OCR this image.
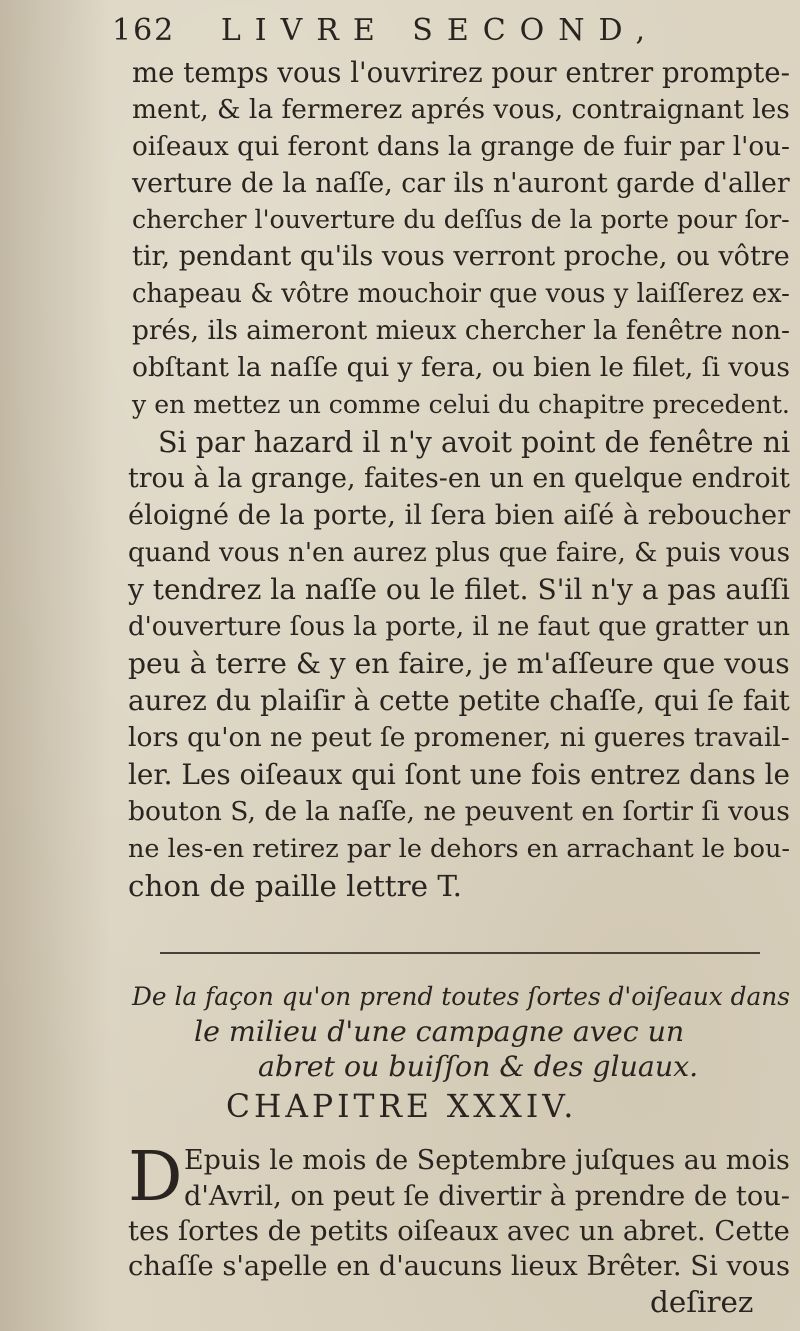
162 LIVRE SECOND,
me temps vous l'ouvrirez pour entrer prompte-
ment, & la fermerez aprés vous, contraignant les
oiſeaux qui feront dans la grange de fuir par l'ou-
verture de la naſſe, car ils n'auront garde d'aller
chercher l'ouverture du deſſus de la porte pour ſor-
tir, pendant qu'ils vous verront proche, ou vôtre
chapeau & vôtre mouchoir que vous y laiſſerez ex-
prés, ils aimeront mieux chercher la fenêtre non-
obſtant la naſſe qui y fera, ou bien le filet, ſi vous
y en mettez un comme celui du chapitre precedent.
Si par hazard il n'y avoit point de fenêtre ni
trou à la grange, faites-en un en quelque endroit
éloigné de la porte, il ſera bien aiſé à reboucher
quand vous n'en aurez plus que faire, & puis vous
y tendrez la naſſe ou le filet. S'il n'y a pas auſſi
d'ouverture ſous la porte, il ne faut que gratter un
peu à terre & y en faire, je m'aſſeure que vous
aurez du plaiſir à cette petite chaſſe, qui ſe fait
lors qu'on ne peut ſe promener, ni gueres travail-
ler. Les oiſeaux qui ſont une fois entrez dans le
bouton S, de la naſſe, ne peuvent en ſortir ſi vous
ne les-en retirez par le dehors en arrachant le bou-
chon de paille lettre T.
De la façon qu'on prend toutes ſortes d'oiſeaux dans
le milieu d'une campagne avec un
abret ou buiſſon & des gluaux.
CHAPITRE XXXIV.
D Epuis le mois de Septembre juſques au mois
d'Avril, on peut ſe divertir à prendre de tou-
tes ſortes de petits oiſeaux avec un abret. Cette
chaſſe s'apelle en d'aucuns lieux Brêter. Si vous
deſirez
